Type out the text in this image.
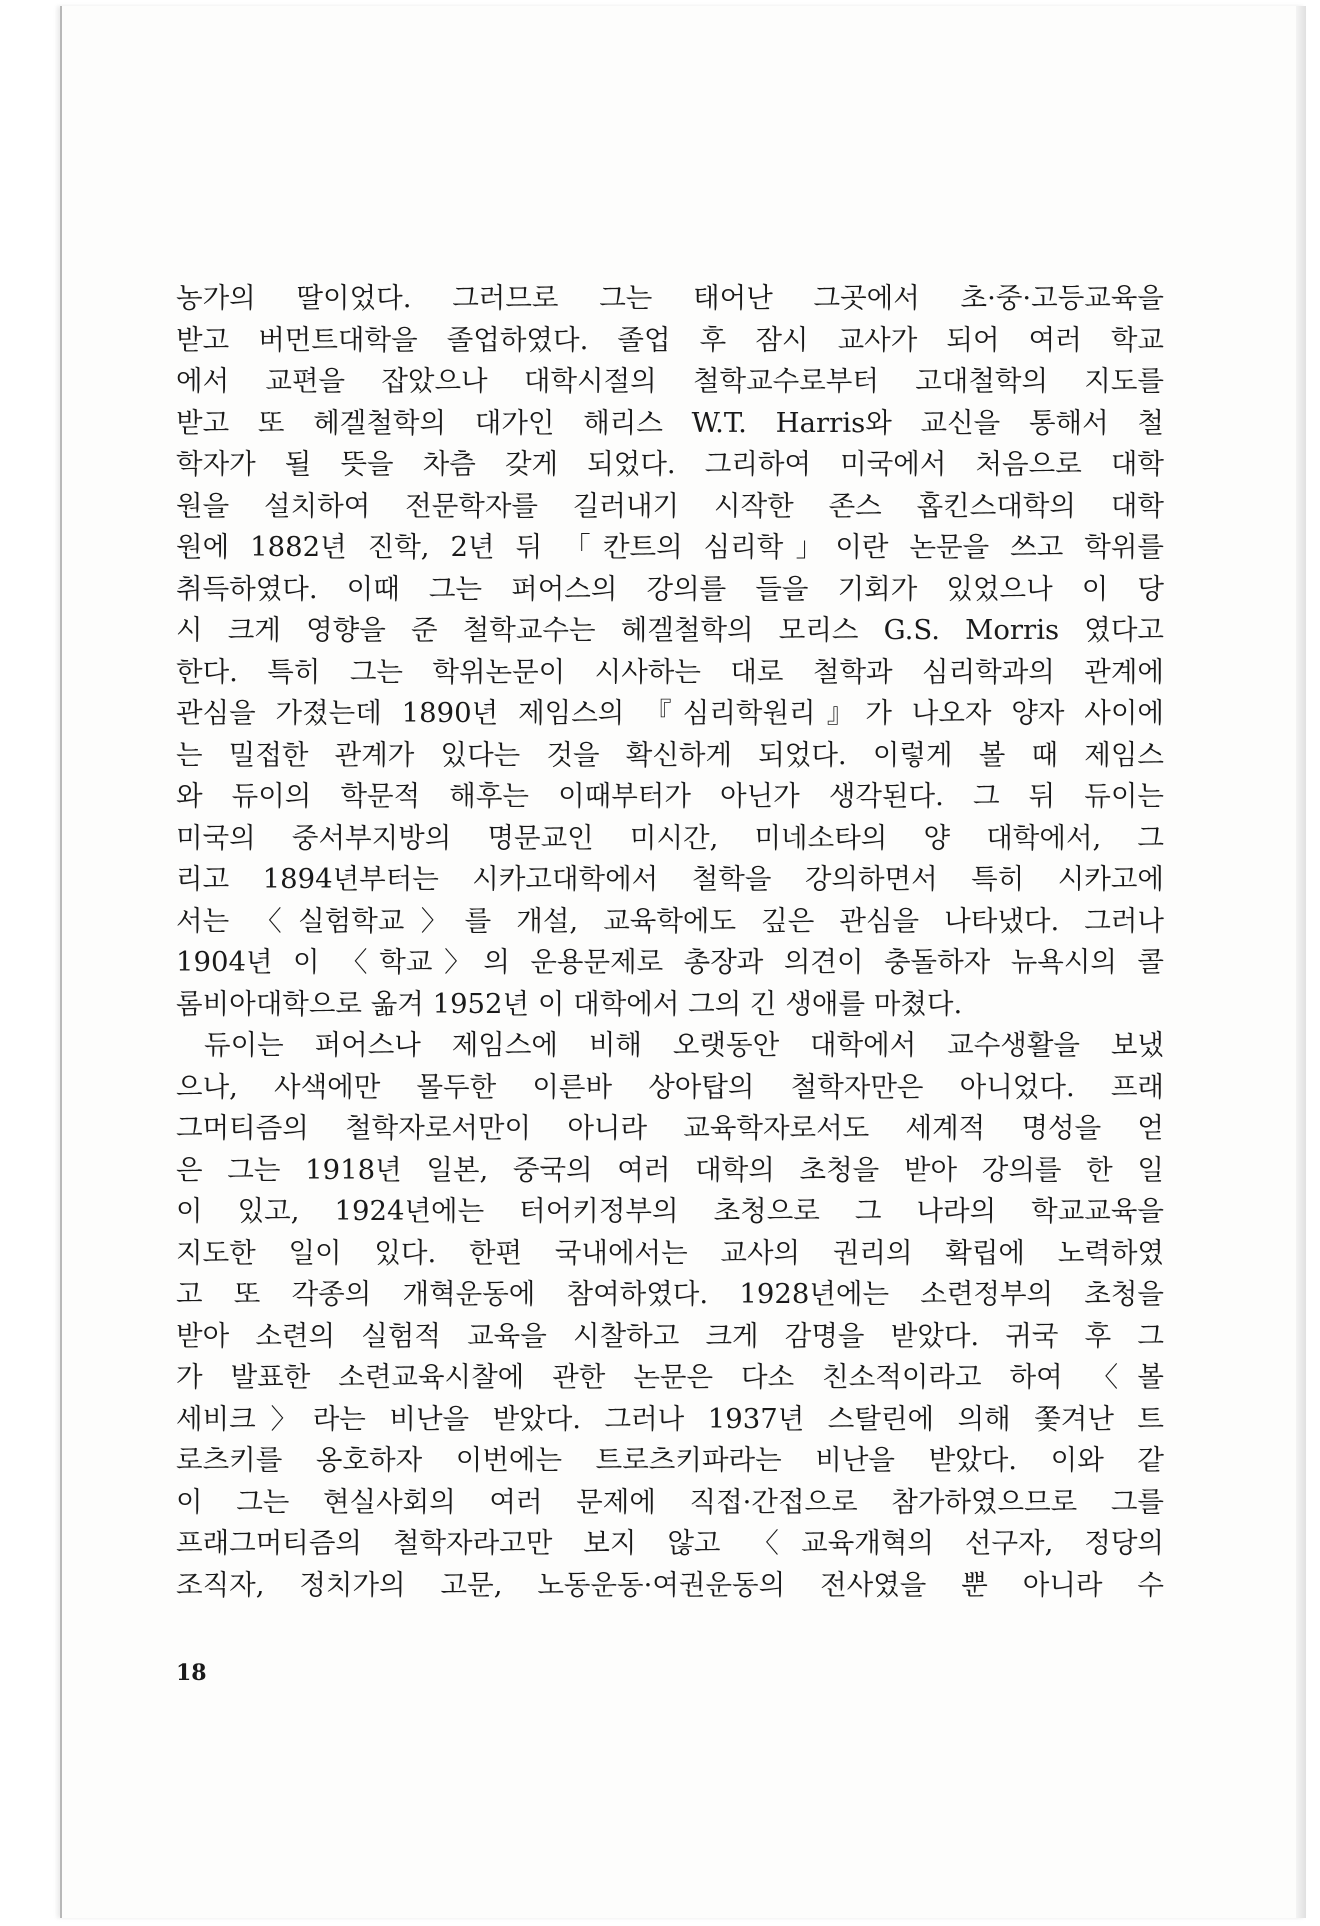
농가의 딸이었다. 그러므로 그는 태어난 그곳에서 초·중·고등교육을
받고 버먼트대학을 졸업하였다. 졸업 후 잠시 교사가 되어 여러 학교
에서 교편을 잡았으나 대학시절의 철학교수로부터 고대철학의 지도를
받고 또 헤겔철학의 대가인 해리스 W.T. Harris와 교신을 통해서 철
학자가 될 뜻을 차츰 갖게 되었다. 그리하여 미국에서 처음으로 대학
원을 설치하여 전문학자를 길러내기 시작한 존스 홉킨스대학의 대학
원에 1882년 진학, 2년 뒤 「칸트의 심리학」이란 논문을 쓰고 학위를
취득하였다. 이때 그는 퍼어스의 강의를 들을 기회가 있었으나 이 당
시 크게 영향을 준 철학교수는 헤겔철학의 모리스 G.S. Morris 였다고
한다. 특히 그는 학위논문이 시사하는 대로 철학과 심리학과의 관계에
관심을 가졌는데 1890년 제임스의 『심리학원리』가 나오자 양자 사이에
는 밀접한 관계가 있다는 것을 확신하게 되었다. 이렇게 볼 때 제임스
와 듀이의 학문적 해후는 이때부터가 아닌가 생각된다. 그 뒤 듀이는
미국의 중서부지방의 명문교인 미시간, 미네소타의 양 대학에서, 그
리고 1894년부터는 시카고대학에서 철학을 강의하면서 특히 시카고에
서는 〈실험학교〉를 개설, 교육학에도 깊은 관심을 나타냈다. 그러나
1904년 이 〈학교〉의 운용문제로 총장과 의견이 충돌하자 뉴욕시의 콜
롬비아대학으로 옮겨 1952년 이 대학에서 그의 긴 생애를 마쳤다.
듀이는 퍼어스나 제임스에 비해 오랫동안 대학에서 교수생활을 보냈
으나, 사색에만 몰두한 이른바 상아탑의 철학자만은 아니었다. 프래
그머티즘의 철학자로서만이 아니라 교육학자로서도 세계적 명성을 얻
은 그는 1918년 일본, 중국의 여러 대학의 초청을 받아 강의를 한 일
이 있고, 1924년에는 터어키정부의 초청으로 그 나라의 학교교육을
지도한 일이 있다. 한편 국내에서는 교사의 권리의 확립에 노력하였
고 또 각종의 개혁운동에 참여하였다. 1928년에는 소련정부의 초청을
받아 소련의 실험적 교육을 시찰하고 크게 감명을 받았다. 귀국 후 그
가 발표한 소련교육시찰에 관한 논문은 다소 친소적이라고 하여 〈볼
세비크〉라는 비난을 받았다. 그러나 1937년 스탈린에 의해 쫓겨난 트
로츠키를 옹호하자 이번에는 트로츠키파라는 비난을 받았다. 이와 같
이 그는 현실사회의 여러 문제에 직접·간접으로 참가하였으므로 그를
프래그머티즘의 철학자라고만 보지 않고 〈교육개혁의 선구자, 정당의
조직자, 정치가의 고문, 노동운동·여권운동의 전사였을 뿐 아니라 수
18
